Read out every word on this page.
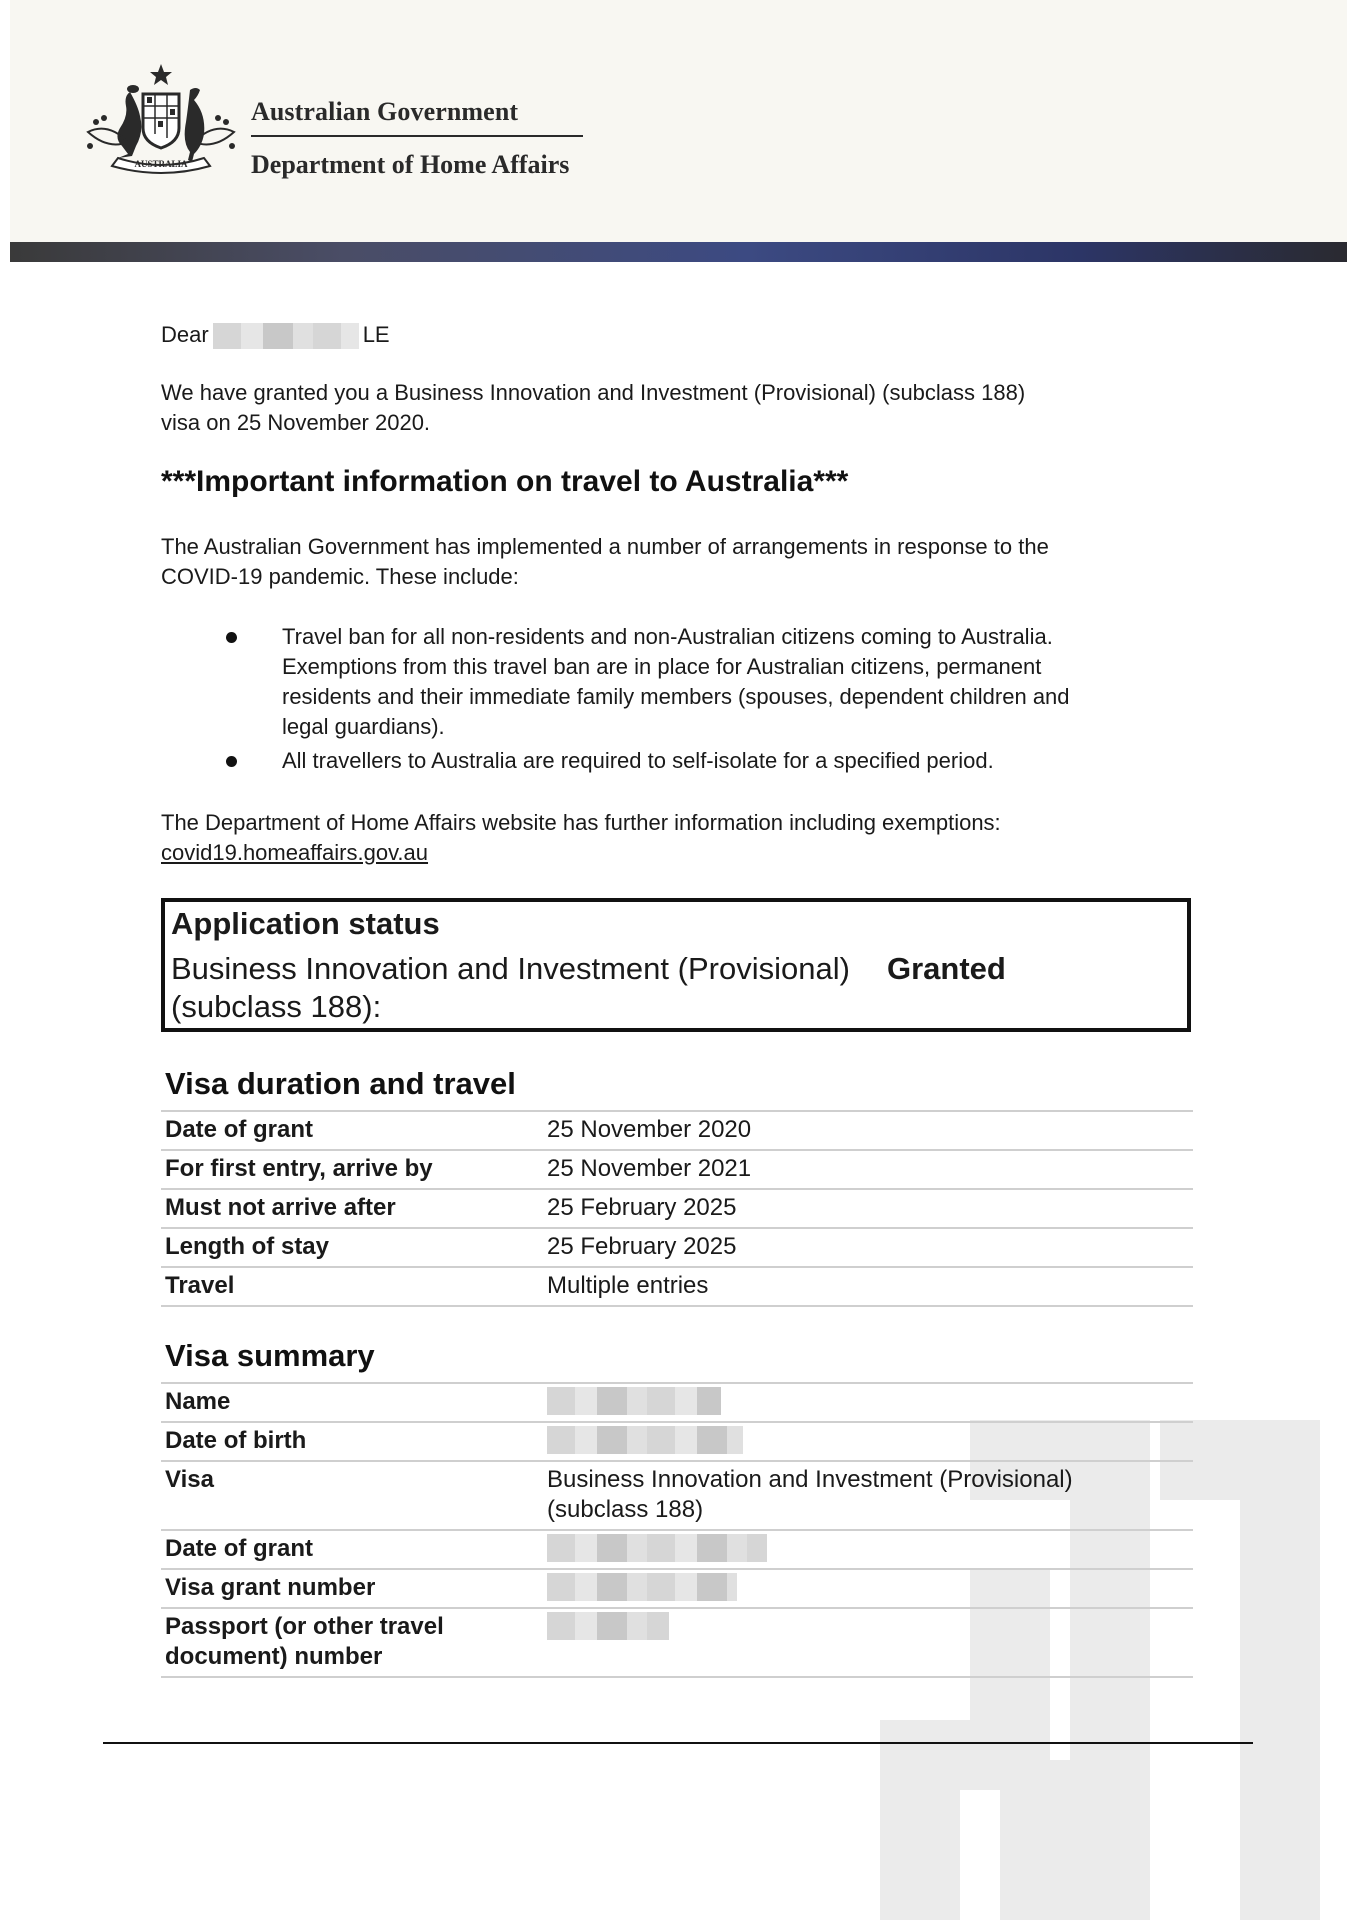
AUSTRALIA
Australian Government
Department of Home Affairs
Dear	LE
We have granted you a Business Innovation and Investment (Provisional) (subclass 188)
visa on 25 November 2020.
***Important information on travel to Australia***
The Australian Government has implemented a number of arrangements in response to the
COVID-19 pandemic. These include:
Travel ban for all non-residents and non-Australian citizens coming to Australia.
Exemptions from this travel ban are in place for Australian citizens, permanent
residents and their immediate family members (spouses, dependent children and
legal guardians).
All travellers to Australia are required to self-isolate for a specified period.
The Department of Home Affairs website has further information including exemptions:
covid19.homeaffairs.gov.au
Application status
Business Innovation and Investment (Provisional)
(subclass 188):
Granted
Visa duration and travel
Date of grant	25 November 2020
For first entry, arrive by	25 November 2021
Must not arrive after	25 February 2025
Length of stay	25 February 2025
Travel	Multiple entries
Visa summary
Name
Date of birth
Visa	Business Innovation and Investment (Provisional)
(subclass 188)
Date of grant
Visa grant number
Passport (or other travel
document) number
